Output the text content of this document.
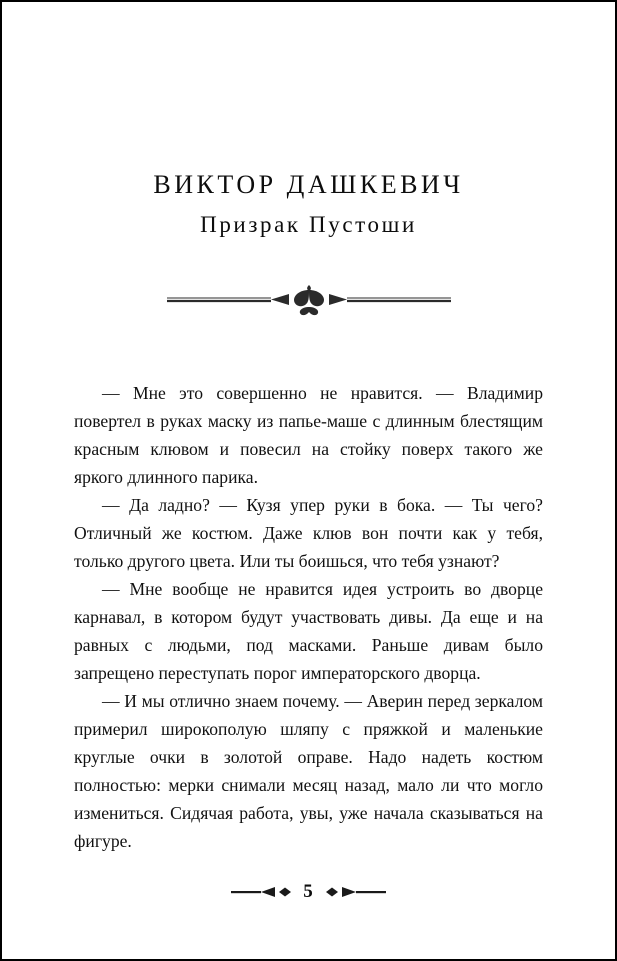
ВИКТОР ДАШКЕВИЧ
Призрак Пустоши

— Мне это совершенно не нравится. — Владимир повертел в руках маску из папье-маше с длинным блестящим красным клювом и повесил на стойку поверх такого же яркого длинного парика.

— Да ладно? — Кузя упер руки в бока. — Ты чего? Отличный же костюм. Даже клюв вон почти как у тебя, только другого цвета. Или ты боишься, что тебя узнают?

— Мне вообще не нравится идея устроить во дворце карнавал, в котором будут участвовать дивы. Да еще и на равных с людьми, под масками. Раньше дивам было запрещено переступать порог императорского дворца.

— И мы отлично знаем почему. — Аверин перед зеркалом примерил широкополую шляпу с пряжкой и маленькие круглые очки в золотой оправе. Надо надеть костюм полностью: мерки снимали месяц назад, мало ли что могло измениться. Сидячая работа, увы, уже начала сказываться на фигуре.

5
